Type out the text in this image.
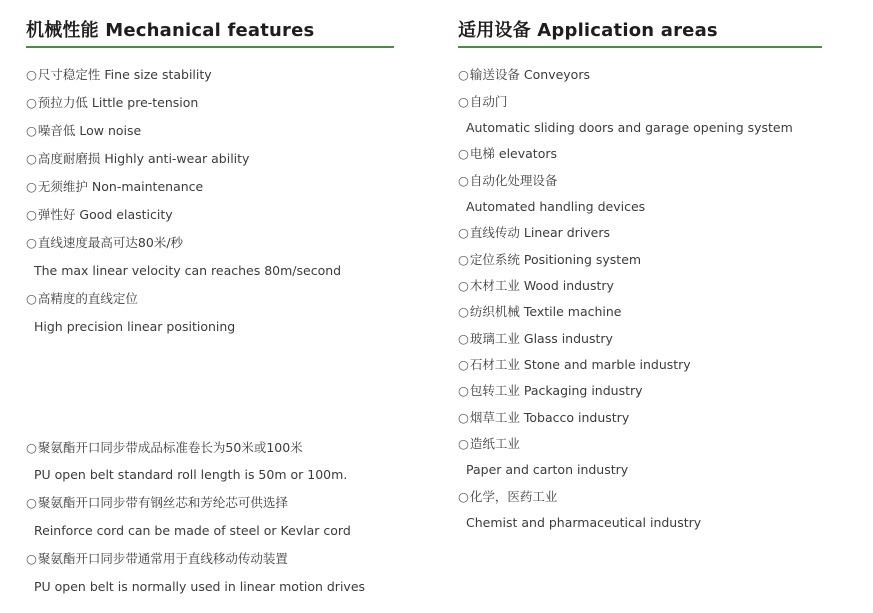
机械性能 Mechanical features
○尺寸稳定性 Fine size stability
○预拉力低 Little pre-tension
○噪音低 Low noise
○高度耐磨损 Highly anti-wear ability
○无须维护 Non-maintenance
○弹性好 Good elasticity
○直线速度最高可达80米/秒
The max linear velocity can reaches 80m/second
○高精度的直线定位
High precision linear positioning
○聚氨酯开口同步带成品标准卷长为50米或100米
PU open belt standard roll length is 50m or 100m.
○聚氨酯开口同步带有钢丝芯和芳纶芯可供选择
Reinforce cord can be made of steel or Kevlar cord
○聚氨酯开口同步带通常用于直线移动传动装置
PU open belt is normally used in linear motion drives
适用设备 Application areas
○输送设备 Conveyors
○自动门
Automatic sliding doors and garage opening system
○电梯 elevators
○自动化处理设备
Automated handling devices
○直线传动 Linear drivers
○定位系统 Positioning system
○木材工业 Wood industry
○纺织机械 Textile machine
○玻璃工业 Glass industry
○石材工业 Stone and marble industry
○包转工业 Packaging industry
○烟草工业 Tobacco industry
○造纸工业
Paper and carton industry
○化学，医药工业
Chemist and pharmaceutical industry
